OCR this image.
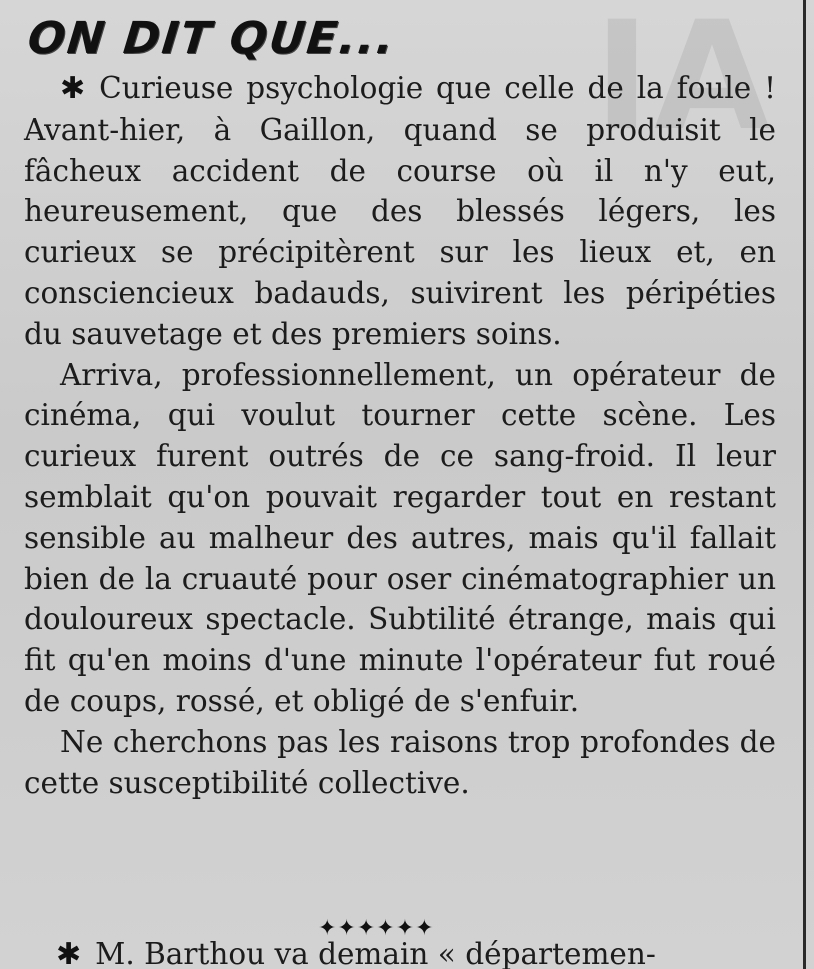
IA
ON DIT QUE...

✱ Curieuse psychologie que celle de la foule ! Avant-hier, à Gaillon, quand se produisit le fâcheux accident de course où il n'y eut, heureusement, que des blessés légers, les curieux se précipitèrent sur les lieux et, en consciencieux badauds, suivirent les péripéties du sauvetage et des premiers soins.

Arriva, professionnellement, un opérateur de cinéma, qui voulut tourner cette scène. Les curieux furent outrés de ce sang-froid. Il leur semblait qu'on pouvait regarder tout en restant sensible au malheur des autres, mais qu'il fallait bien de la cruauté pour oser cinématographier un douloureux spectacle. Subtilité étrange, mais qui fit qu'en moins d'une minute l'opérateur fut roué de coups, rossé, et obligé de s'enfuir.

Ne cherchons pas les raisons trop profondes de cette susceptibilité collective.

✦✦✦✦✦✦
✱ M. Barthou va demain « départemen-
